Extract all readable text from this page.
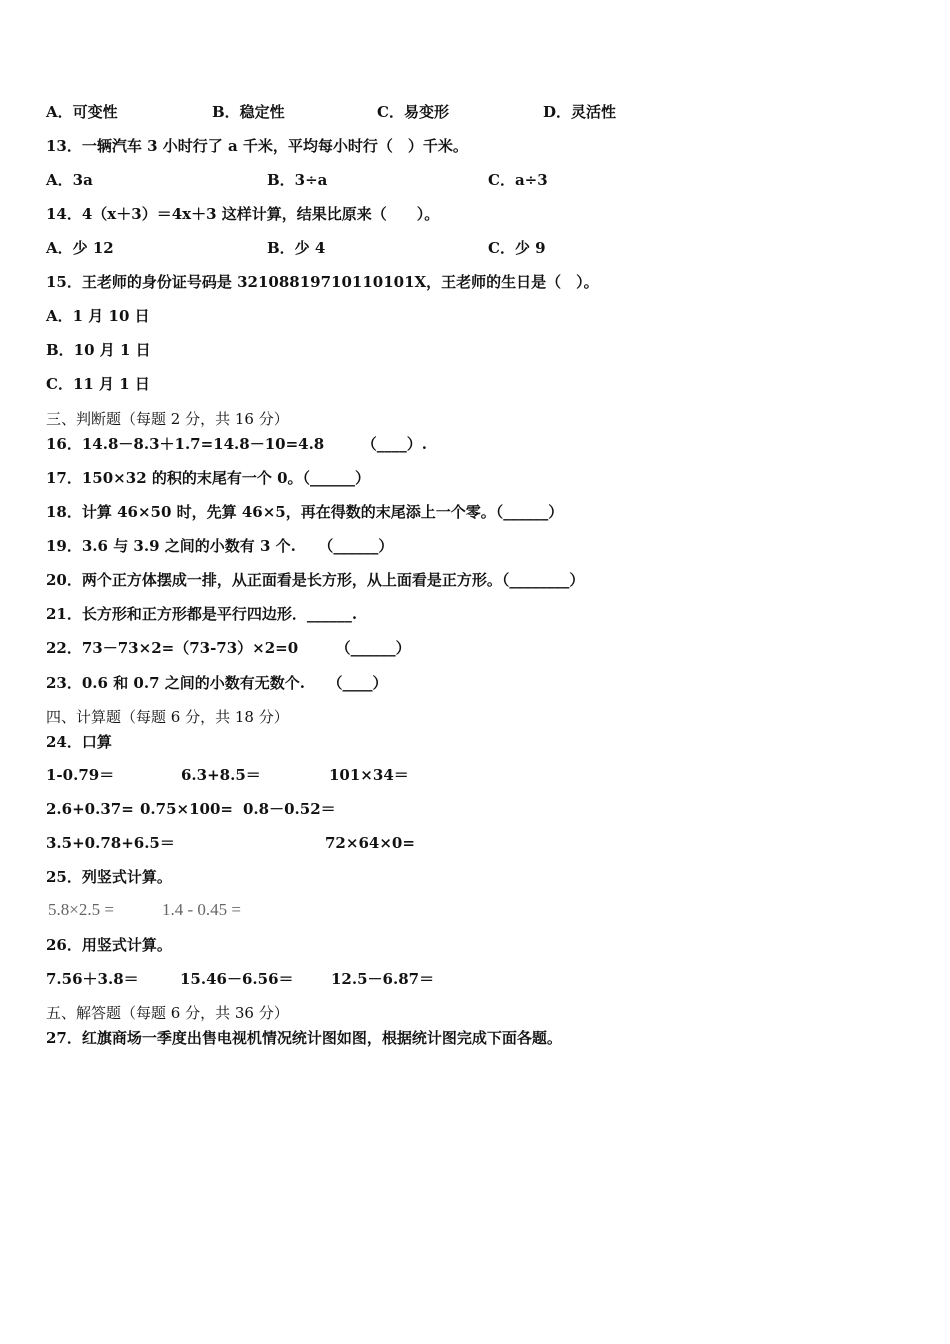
A．可变性	B．稳定性	C．易变形	D．灵活性
13．一辆汽车 3 小时行了 a 千米，平均每小时行（　）千米。
A．3a	B．3÷a	C．a÷3
14．4（x＋3）＝4x＋3 这样计算，结果比原来（　　）。
A．少 12	B．少 4	C．少 9
15．王老师的身份证号码是 32108819710110101X，王老师的生日是（　）。
A．1 月 10 日
B．10 月 1 日
C．11 月 1 日
三、判断题（每题 2 分，共 16 分）
16．14.8－8.3＋1.7=14.8－10=4.8　　　（____）.
17．150×32 的积的末尾有一个 0。（______）
18．计算 46×50 时，先算 46×5，再在得数的末尾添上一个零。（______）
19．3.6 与 3.9 之间的小数有 3 个.　　（______）
20．两个正方体摆成一排，从正面看是长方形，从上面看是正方形。（________）
21．长方形和正方形都是平行四边形．______.
22．73－73×2=（73-73）×2=0　　　（______）
23．0.6 和 0.7 之间的小数有无数个.　　（____）
四、计算题（每题 6 分，共 18 分）
24．口算
1-0.79＝	6.3+8.5＝	101×34＝
2.6+0.37= 0.75×100= 0.8－0.52＝
3.5+0.78+6.5＝	72×64×0=
25．列竖式计算。
5.8×2.5 =	1.4 - 0.45 =
26．用竖式计算。
7.56＋3.8＝	15.46－6.56＝ 12.5－6.87＝
五、解答题（每题 6 分，共 36 分）
27．红旗商场一季度出售电视机情况统计图如图，根据统计图完成下面各题。
